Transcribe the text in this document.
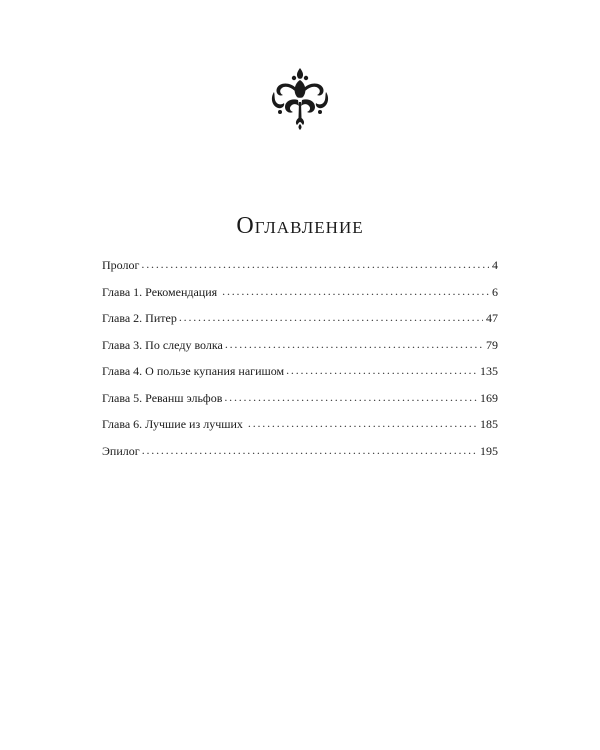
Оглавление
Пролог . . .	4
Глава 1. Рекомендация . . .	6
Глава 2. Питер . . .	47
Глава 3. По следу волка . . .	79
Глава 4. О пользе купания нагишом . . .	135
Глава 5. Реванш эльфов . . .	169
Глава 6. Лучшие из лучших . . .	185
Эпилог . . .	195
